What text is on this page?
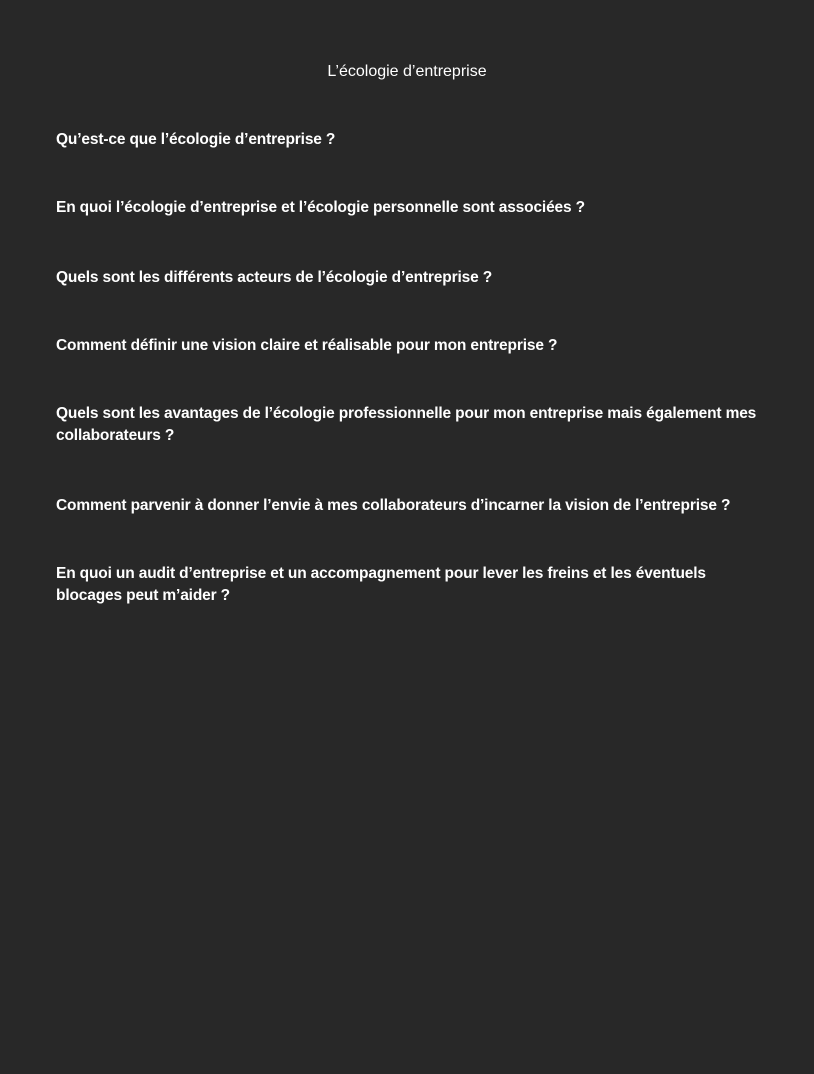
L’écologie d’entreprise
Qu’est-ce que l’écologie d’entreprise ?
En quoi l’écologie d’entreprise et l’écologie personnelle sont associées ?
Quels sont les différents acteurs de l’écologie d’entreprise ?
Comment définir une vision claire et réalisable pour mon entreprise ?
Quels sont les avantages de l’écologie professionnelle pour mon entreprise mais également mes collaborateurs ?
Comment parvenir à donner l’envie à mes collaborateurs d’incarner la vision de l’entreprise ?
En quoi un audit d’entreprise et un accompagnement pour lever les freins et les éventuels blocages peut m’aider ?
